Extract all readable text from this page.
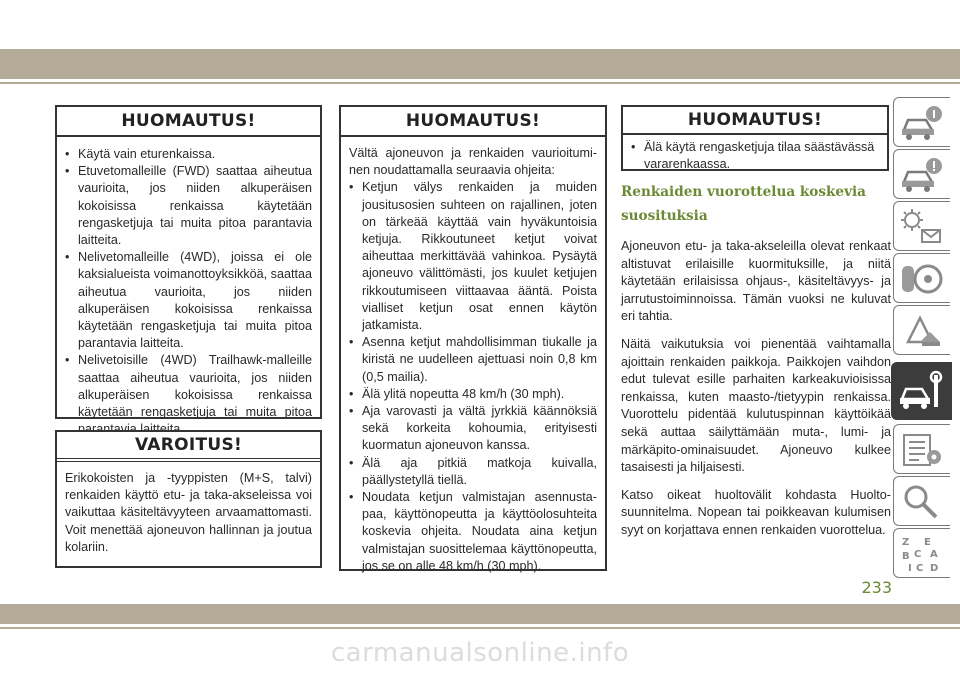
HUOMAUTUS!
• Käytä vain eturenkaissa.
• Etuvetomalleille (FWD) saattaa aiheutua vaurioita, jos niiden alkuperäisen kokoisissa renkaissa käytetään rengasketjuja tai muita pitoa parantavia laitteita.
• Nelivetomalleille (4WD), joissa ei ole kaksialueista voimanottoyksikköä, saattaa aiheutua vaurioita, jos niiden alkuperäisen kokoisissa renkaissa käytetään rengasketjuja tai muita pitoa parantavia laitteita.
• Nelivetoisille (4WD) Trailhawk-malleille saattaa aiheutua vaurioita, jos niiden alkuperäisen kokoisissa renkaissa käytetään rengasketjuja tai muita pitoa
VAROITUS!

Erikokoisten ja -tyyppisten (M+S, talvi) renkaiden käyttö etu- ja taka-akseleissa voi vaikuttaa käsiteltävyyteen arvaamattomasti. Voit menettää ajoneuvon hallinnan ja joutua kolariin.

HUOMAUTUS!

Vältä ajoneuvon ja renkaiden vaurioitumi-nen noudattamalla seuraavia ohjeita:

• Ketjun välys renkaiden ja muiden jousitusosien suhteen on rajallinen, joten on tärkeää käyttää vain hyväkuntoisia ketjuja. Rikkoutuneet ketjut voivat aiheuttaa merkittävää vahinkoa. Pysäytä ajoneuvo välittömästi, jos kuulet ketjujen rikkoutumiseen viittaavaa ääntä. Poista vialliset ketjun osat ennen käytön jatkamista.
• Asenna ketjut mahdollisimman tiukalle ja kiristä ne uudelleen ajettuasi noin 0,8 km (0,5 mailia).
• Älä ylitä nopeutta 48 km/h (30 mph).
• Aja varovasti ja vältä jyrkkiä käännöksiä sekä korkeita kohoumia, erityisesti kuormatun ajoneuvon kanssa.
• Älä aja pitkiä matkoja kuivalla, päällystetyllä tiellä.
• Noudata ketjun valmistajan asennusta-paa, käyttönopeutta ja käyttöolosuhteita koskevia ohjeita. Noudata aina ketjun valmistajan suosittelemaa käyttönopeutta, jos se on alle 48 km/h (30 mph).
HUOMAUTUS!
• Älä käytä rengasketjuja tilaa säästävässä vararenkaassa.
Renkaiden vuorottelua koskevia
suosituksia

Ajoneuvon etu- ja taka-akseleilla olevat renkaat altistuvat erilaisille kuormituksille, ja niitä käytetään erilaisissa ohjaus-, käsiteltävyys- ja jarrutustoiminnoissa. Tämän vuoksi ne kuluvat eri tahtia.

Näitä vaikutuksia voi pienentää vaihtamalla ajoittain renkaiden paikkoja. Paikkojen vaihdon edut tulevat esille parhaiten karkeakuvioisissa renkaissa, kuten maasto-/tietyypin renkaissa. Vuorottelu pidentää kulutuspinnan käyttöikää sekä auttaa säilyttämään muta-, lumi- ja märkäpito-ominaisuudet. Ajoneuvo kulkee tasaisesti ja hiljaisesti.

Katso oikeat huoltovälit kohdasta Huolto-suunnitelma. Nopean tai poikkeavan kulumisen syyt on korjattava ennen renkaiden vuorottelua.

Z E
B C A
I C D
233
carmanualsonline.info
